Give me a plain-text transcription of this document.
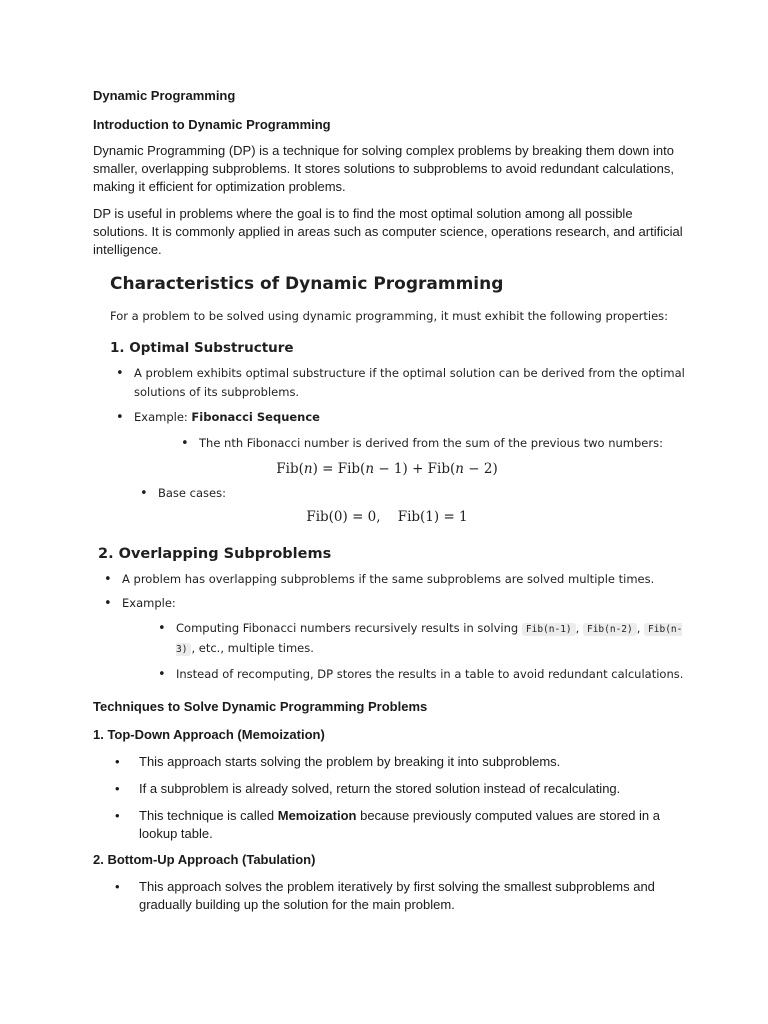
Dynamic Programming

Introduction to Dynamic Programming

Dynamic Programming (DP) is a technique for solving complex problems by breaking them down into smaller, overlapping subproblems. It stores solutions to subproblems to avoid redundant calculations, making it efficient for optimization problems.

DP is useful in problems where the goal is to find the most optimal solution among all possible solutions. It is commonly applied in areas such as computer science, operations research, and artificial intelligence.

Characteristics of Dynamic Programming
For a problem to be solved using dynamic programming, it must exhibit the following properties:
1. Optimal Substructure
• A problem exhibits optimal substructure if the optimal solution can be derived from the optimal solutions of its subproblems.
• Example: Fibonacci Sequence
• The nth Fibonacci number is derived from the sum of the previous two numbers:
Fib(n) = Fib(n − 1) + Fib(n − 2)
• Base cases:
Fib(0) = 0,    Fib(1) = 1
2. Overlapping Subproblems
• A problem has overlapping subproblems if the same subproblems are solved multiple times.
• Example:
• Computing Fibonacci numbers recursively results in solving Fib(n-1) , Fib(n-2) , Fib(n-3) , etc., multiple times.
• Instead of recomputing, DP stores the results in a table to avoid redundant calculations.

Techniques to Solve Dynamic Programming Problems

1. Top-Down Approach (Memoization)

• This approach starts solving the problem by breaking it into subproblems.
• If a subproblem is already solved, return the stored solution instead of recalculating.
• This technique is called Memoization because previously computed values are stored in a lookup table.

2. Bottom-Up Approach (Tabulation)

• This approach solves the problem iteratively by first solving the smallest subproblems and gradually building up the solution for the main problem.
